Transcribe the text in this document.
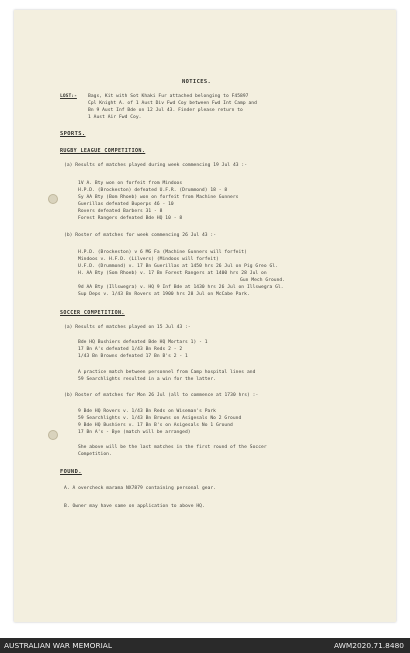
NOTICES.
LOST:- Bags, Kit with Sot Khaki Fur attached belonging to F45897
Cpl Knight A. of 1 Aust Div Fwd Coy between Fwd Int Camp and
Bn 9 Aust Inf Bde on 12 Jul 43. Finder please return to
1 Aust Air Fwd Coy.
SPORTS.
RUGBY LEAGUE COMPETITION.
(a) Results of matches played during week commencing 19 Jul 43 :-
1V A. Bty won on forfeit from Mindoos
H.P.D. (Brockeston) defeated U.F.R. (Drummond) 18 - 8
Sy AA Bty (Bom Rhoeb) won on forfeit from Machine Gunners
Guerillas defeated Buperps 46 - 10
Rovers defeated Barbers 31 - 8
Forest Rangers defeated Bde HQ 10 - 8
(b) Roster of matches for week commencing 26 Jul 43 :-
H.P.D. (Brockeston) v 6 MG Fa (Machine Gunners will forfeit)
Mindoos v. H.F.D. (Lilvers) (Mindoos will forfeit)
U.F.D. (Drummond) v. 17 Bn Guerillas at 1450 hrs 26 Jul on Pig Greo Gl.
H. AA Bty (Som Rhoeb) v. 17 Bn Forest Rangers at 1400 hrs 28 Jul on
Gun Mech Ground.
9d AA Bty (Illswegra) v. HQ 9 Inf Bde at 1430 hrs 26 Jul on Illswegra Gl.
Sup Deps v. 1/43 Bn Rovers at 1900 hrs 28 Jul on McCabe Park.
SOCCER COMPETITION.
(a) Results of matches played on 15 Jul 43 :-
Bde HQ Bushiers defeated Bde HQ Mortars 1) - 1
17 Bn A's defeated 1/43 Bn Reds 2 - 2
1/43 Bn Browns defeated 17 Bn B's 2 - 1
A practice match between personnel from Camp hospital lines and
59 Searchlights resulted in a win for the latter.
(b) Roster of matches for Mon 26 Jul (all to commence at 1730 hrs) :-
9 Bde HQ Rovers v. 1/43 Bn Reds on Wiseman's Park
59 Searchlights v. 1/43 Bn Browns on Asigesals No 2 Ground
9 Bde HQ Bushiers v. 17 Bn B's on Asigesals No 1 Ground
17 Bn A's - Bye (match will be arranged)
She above will be the last matches in the first round of the Soccer
Competition.
FOUND.
A. A overcheck marama NX7879 containing personal gear.
B. Owner may have same on application to above HQ.
AUSTRALIAN WAR MEMORIAL	AWM2020.71.8480
